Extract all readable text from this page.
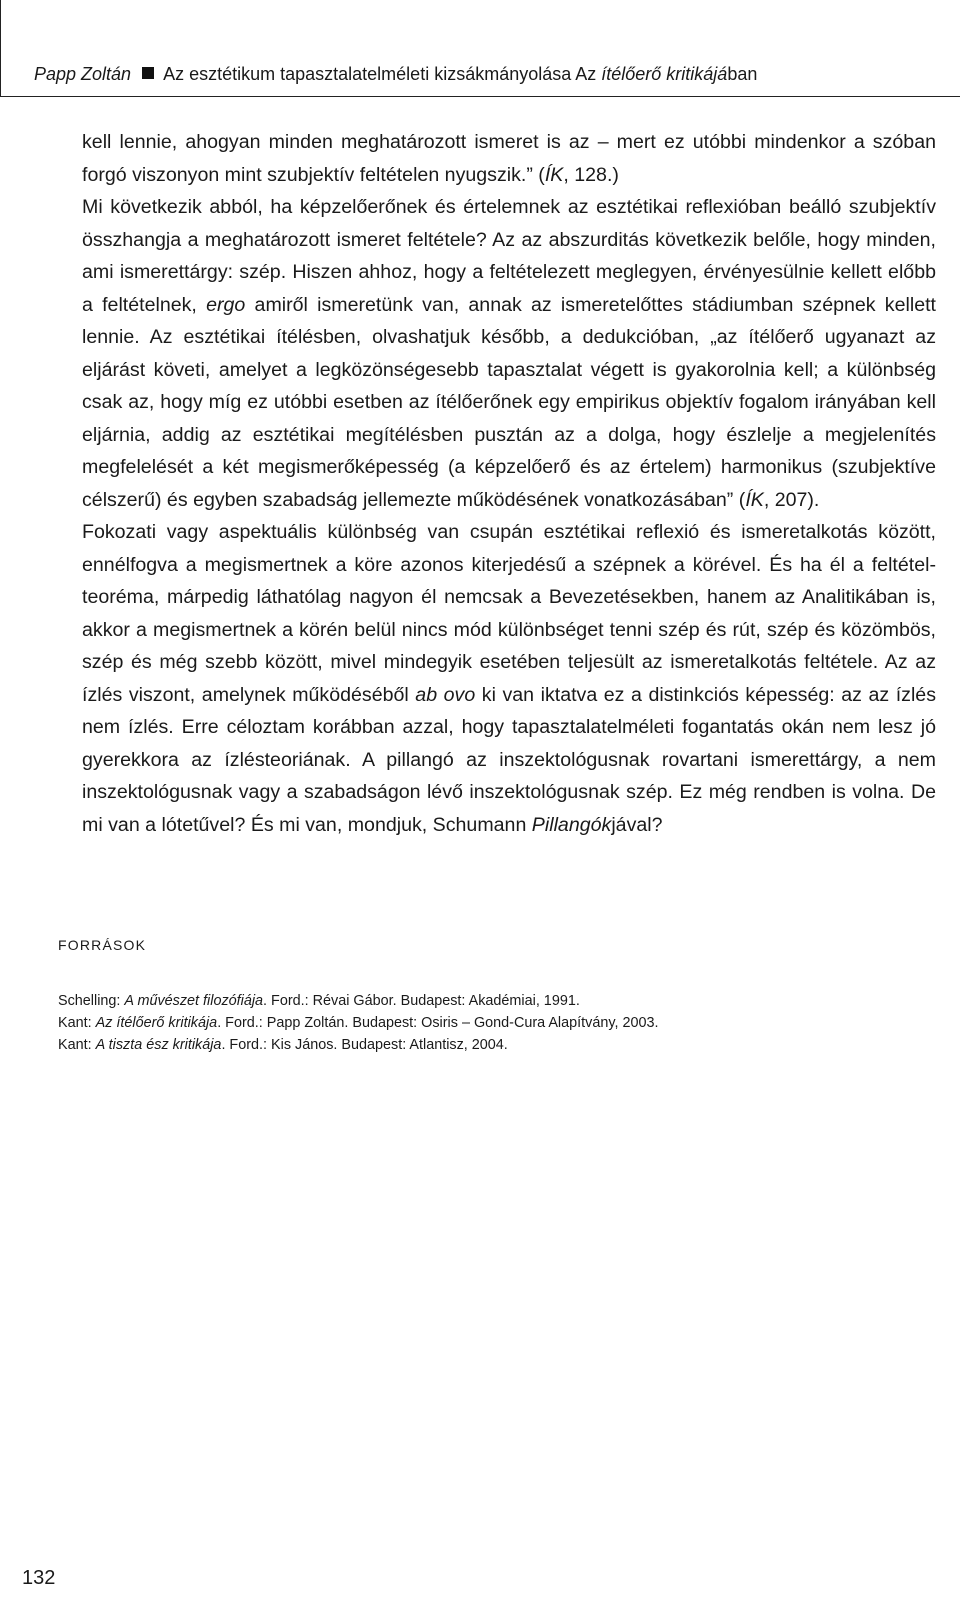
Papp Zoltán Az esztétikum tapasztalatelméleti kizsákmányolása Az ítélőerő kritikájában

kell lennie, ahogyan minden meghatározott ismeret is az – mert ez utóbbi mindenkor a szóban forgó viszonyon mint szubjektív feltételen nyugszik.” (ÍK, 128.)

Mi következik abból, ha képzelőerőnek és értelemnek az esztétikai reflexióban beálló szubjektív összhangja a meghatározott ismeret feltétele? Az az abszurditás következik belőle, hogy minden, ami ismerettárgy: szép. Hiszen ahhoz, hogy a feltételezett meglegyen, érvényesülnie kellett előbb a feltételnek, ergo amiről ismeretünk van, annak az ismeretelőttes stádiumban szépnek kellett lennie. Az esztétikai ítélésben, olvashatjuk később, a dedukcióban, „az ítélőerő ugyanazt az eljárást követi, amelyet a legközönségesebb tapasztalat végett is gyakorolnia kell; a különbség csak az, hogy míg ez utóbbi esetben az ítélőerőnek egy empirikus objektív fogalom irányában kell eljárnia, addig az esztétikai megítélésben pusztán az a dolga, hogy észlelje a megjelenítés megfelelését a két megismerőképesség (a képzelőerő és az értelem) harmonikus (szubjektíve célszerű) és egyben szabadság jellemezte működésének vonatkozásában” (ÍK, 207).

Fokozati vagy aspektuális különbség van csupán esztétikai reflexió és ismeretalkotás között, ennélfogva a megismertnek a köre azonos kiterjedésű a szépnek a körével. És ha él a feltétel-teoréma, márpedig láthatólag nagyon él nemcsak a Bevezetésekben, hanem az Analitikában is, akkor a megismertnek a körén belül nincs mód különbséget tenni szép és rút, szép és közömbös, szép és még szebb között, mivel mindegyik esetében teljesült az ismeretalkotás feltétele. Az az ízlés viszont, amelynek működéséből ab ovo ki van iktatva ez a distinkciós képesség: az az ízlés nem ízlés. Erre céloztam korábban azzal, hogy tapasztalatelméleti fogantatás okán nem lesz jó gyerekkora az ízlésteoriának. A pillangó az inszektológusnak rovartani ismerettárgy, a nem inszektológusnak vagy a szabadságon lévő inszektológusnak szép. Ez még rendben is volna. De mi van a lótetűvel? És mi van, mondjuk, Schumann Pillangókjával?

FORRÁSOK
Schelling: A művészet filozófiája. Ford.: Révai Gábor. Budapest: Akadémiai, 1991.
Kant: Az ítélőerő kritikája. Ford.: Papp Zoltán. Budapest: Osiris – Gond-Cura Alapítvány, 2003.
Kant: A tiszta ész kritikája. Ford.: Kis János. Budapest: Atlantisz, 2004.
132
